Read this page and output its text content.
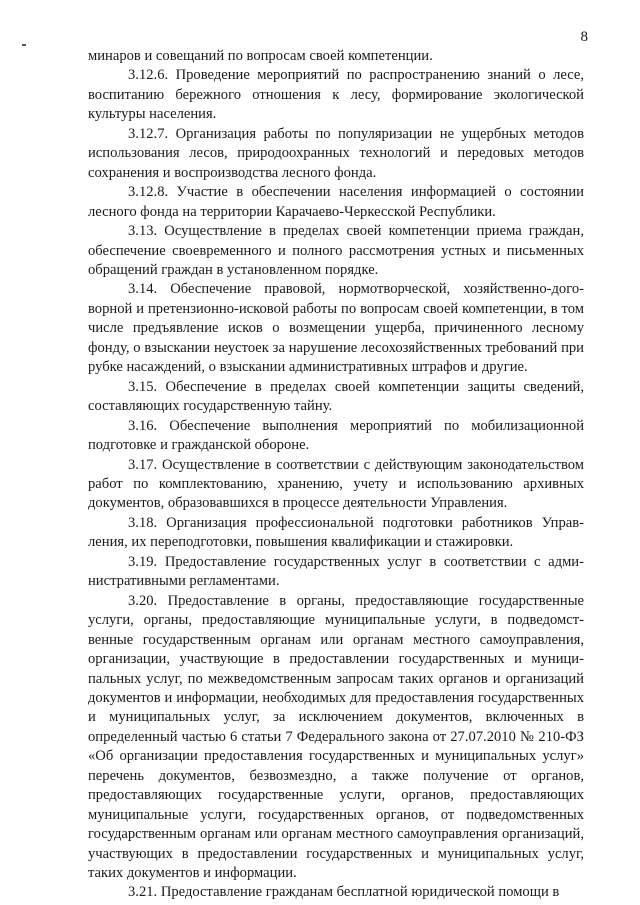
8

минаров и совещаний по вопросам своей компетенции.

3.12.6. Проведение мероприятий по распространению знаний о лесе, воспитанию бережного отношения к лесу, формирование экологической культуры населения.

3.12.7. Организация работы по популяризации не ущербных методов использования лесов, природоохранных технологий и передовых методов сохранения и воспроизводства лесного фонда.

3.12.8. Участие в обеспечении населения информацией о состоянии лесного фонда на территории Карачаево-Черкесской Республики.

3.13. Осуществление в пределах своей компетенции приема граждан, обеспечение своевременного и полного рассмотрения устных и письменных обращений граждан в установленном порядке.

3.14. Обеспечение правовой, нормотворческой, хозяйственно-договорной и претензионно-исковой работы по вопросам своей компетенции, в том числе предъявление исков о возмещении ущерба, причиненного лесному фонду, о взыскании неустоек за нарушение лесохозяйственных требований при рубке насаждений, о взыскании административных штрафов и другие.

3.15. Обеспечение в пределах своей компетенции защиты сведений, составляющих государственную тайну.

3.16. Обеспечение выполнения мероприятий по мобилизационной подготовке и гражданской обороне.

3.17. Осуществление в соответствии с действующим законодательством работ по комплектованию, хранению, учету и использованию архивных документов, образовавшихся в процессе деятельности Управления.

3.18. Организация профессиональной подготовки работников Управления, их переподготовки, повышения квалификации и стажировки.

3.19. Предоставление государственных услуг в соответствии с административными регламентами.

3.20. Предоставление в органы, предоставляющие государственные услуги, органы, предоставляющие муниципальные услуги, в подведомственные государственным органам или органам местного самоуправления, организации, участвующие в предоставлении государственных и муниципальных услуг, по межведомственным запросам таких органов и организаций документов и информации, необходимых для предоставления государственных и муниципальных услуг, за исключением документов, включенных в определенный частью 6 статьи 7 Федерального закона от 27.07.2010 № 210-ФЗ «Об организации предоставления государственных и муниципальных услуг» перечень документов, безвозмездно, а также получение от органов, предоставляющих государственные услуги, органов, предоставляющих муниципальные услуги, государственных органов, от подведомственных государственным органам или органам местного самоуправления организаций, участвующих в предоставлении государственных и муниципальных услуг, таких документов и информации.

3.21. Предоставление гражданам бесплатной юридической помощи в
